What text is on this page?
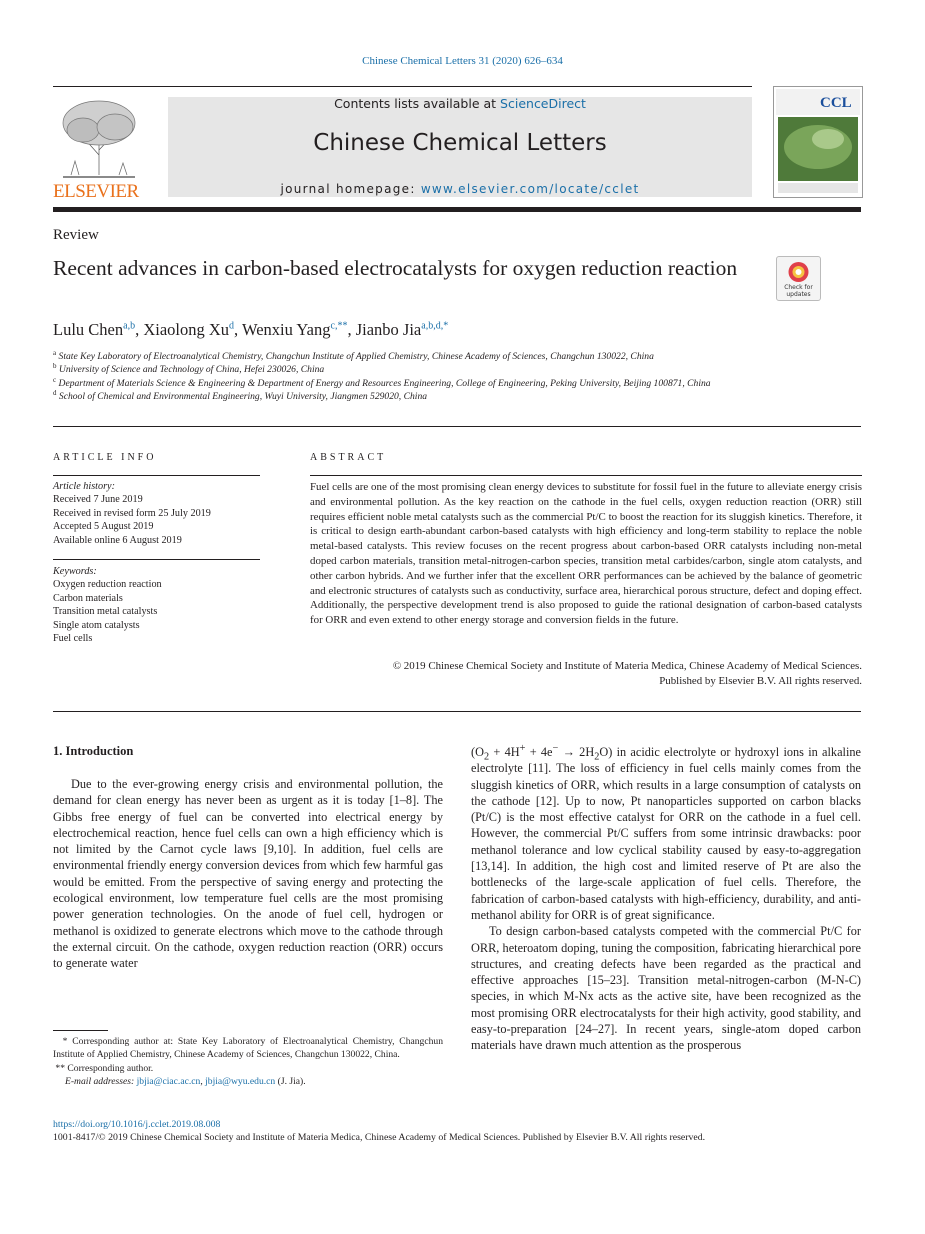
Chinese Chemical Letters 31 (2020) 626–634
ELSEVIER
Contents lists available at ScienceDirect
Chinese Chemical Letters
journal homepage: www.elsevier.com/locate/cclet
CCL
Review
Recent advances in carbon-based electrocatalysts for oxygen reduction reaction
Check for
updates
Lulu Chen$^{a,b}$, Xiaolong Xu$^d$, Wenxiu Yang$^{c,**}$, Jianbo Jia$^{a,b,d,*}$
$^a$ State Key Laboratory of Electroanalytical Chemistry, Changchun Institute of Applied Chemistry, Chinese Academy of Sciences, Changchun 130022, China
$^b$ University of Science and Technology of China, Hefei 230026, China
$^c$ Department of Materials Science & Engineering & Department of Energy and Resources Engineering, College of Engineering, Peking University, Beijing 100871, China
$^d$ School of Chemical and Environmental Engineering, Wuyi University, Jiangmen 529020, China
ARTICLE INFO
Article history:
Received 7 June 2019
Received in revised form 25 July 2019
Accepted 5 August 2019
Available online 6 August 2019
Keywords:
Oxygen reduction reaction
Carbon materials
Transition metal catalysts
Single atom catalysts
Fuel cells
ABSTRACT
Fuel cells are one of the most promising clean energy devices to substitute for fossil fuel in the future to alleviate energy crisis and environmental pollution. As the key reaction on the cathode in the fuel cells, oxygen reduction reaction (ORR) still requires efficient noble metal catalysts such as the commercial Pt/C to boost the reaction for its sluggish kinetics. Therefore, it is critical to design earth-abundant carbon-based catalysts with high efficiency and long-term stability to replace the noble metal-based catalysts. This review focuses on the recent progress about carbon-based ORR catalysts including non-metal doped carbon materials, transition metal-nitrogen-carbon species, transition metal carbides/carbon, single atom catalysts, and other carbon hybrids. And we further infer that the excellent ORR performances can be achieved by the balance of geometric and electronic structures of catalysts such as conductivity, surface area, hierarchical porous structure, defect and doping effect. Additionally, the perspective development trend is also proposed to guide the rational designation of carbon-based catalysts for ORR and even extend to other energy storage and conversion fields in the future.
© 2019 Chinese Chemical Society and Institute of Materia Medica, Chinese Academy of Medical Sciences.
Published by Elsevier B.V. All rights reserved.
1. Introduction

Due to the ever-growing energy crisis and environmental pollution, the demand for clean energy has never been as urgent as it is today [1–8]. The Gibbs free energy of fuel can be converted into electrical energy by electrochemical reaction, hence fuel cells can own a high efficiency which is not limited by the Carnot cycle laws [9,10]. In addition, fuel cells are environmental friendly energy conversion devices from which few harmful gas would be emitted. From the perspective of saving energy and protecting the ecological environment, low temperature fuel cells are the most promising power generation technologies. On the anode of fuel cell, hydrogen or methanol is oxidized to generate electrons which move to the cathode through the external circuit. On the cathode, oxygen reduction reaction (ORR) occurs to generate water

$(O_2 + 4H^+ + 4e^- \to 2H_2O)$ in acidic electrolyte or hydroxyl ions in alkaline electrolyte [11]. The loss of efficiency in fuel cells mainly comes from the sluggish kinetics of ORR, which results in a large consumption of catalysts on the cathode [12]. Up to now, Pt nanoparticles supported on carbon blacks (Pt/C) is the most effective catalyst for ORR on the cathode in a fuel cell. However, the commercial Pt/C suffers from some intrinsic drawbacks: poor methanol tolerance and low cyclical stability caused by easy-to-aggregation [13,14]. In addition, the high cost and limited reserve of Pt are also the bottlenecks of the large-scale application of fuel cells. Therefore, the fabrication of carbon-based catalysts with high-efficiency, durability, and anti-methanol ability for ORR is of great significance.

To design carbon-based catalysts competed with the commercial Pt/C for ORR, heteroatom doping, tuning the composition, fabricating hierarchical pore structures, and creating defects have been regarded as the practical and effective approaches [15–23]. Transition metal-nitrogen-carbon (M-N-C) species, in which M-Nx acts as the active site, have been recognized as the most promising ORR electrocatalysts for their high activity, good stability, and easy-to-preparation [24–27]. In recent years, single-atom doped carbon materials have drawn much attention as the prosperous

* Corresponding author at: State Key Laboratory of Electroanalytical Chemistry, Changchun Institute of Applied Chemistry, Chinese Academy of Sciences, Changchun 130022, China.
** Corresponding author.
E-mail addresses: jbjia@ciac.ac.cn, jbjia@wyu.edu.cn (J. Jia).
https://doi.org/10.1016/j.cclet.2019.08.008
1001-8417/© 2019 Chinese Chemical Society and Institute of Materia Medica, Chinese Academy of Medical Sciences. Published by Elsevier B.V. All rights reserved.
